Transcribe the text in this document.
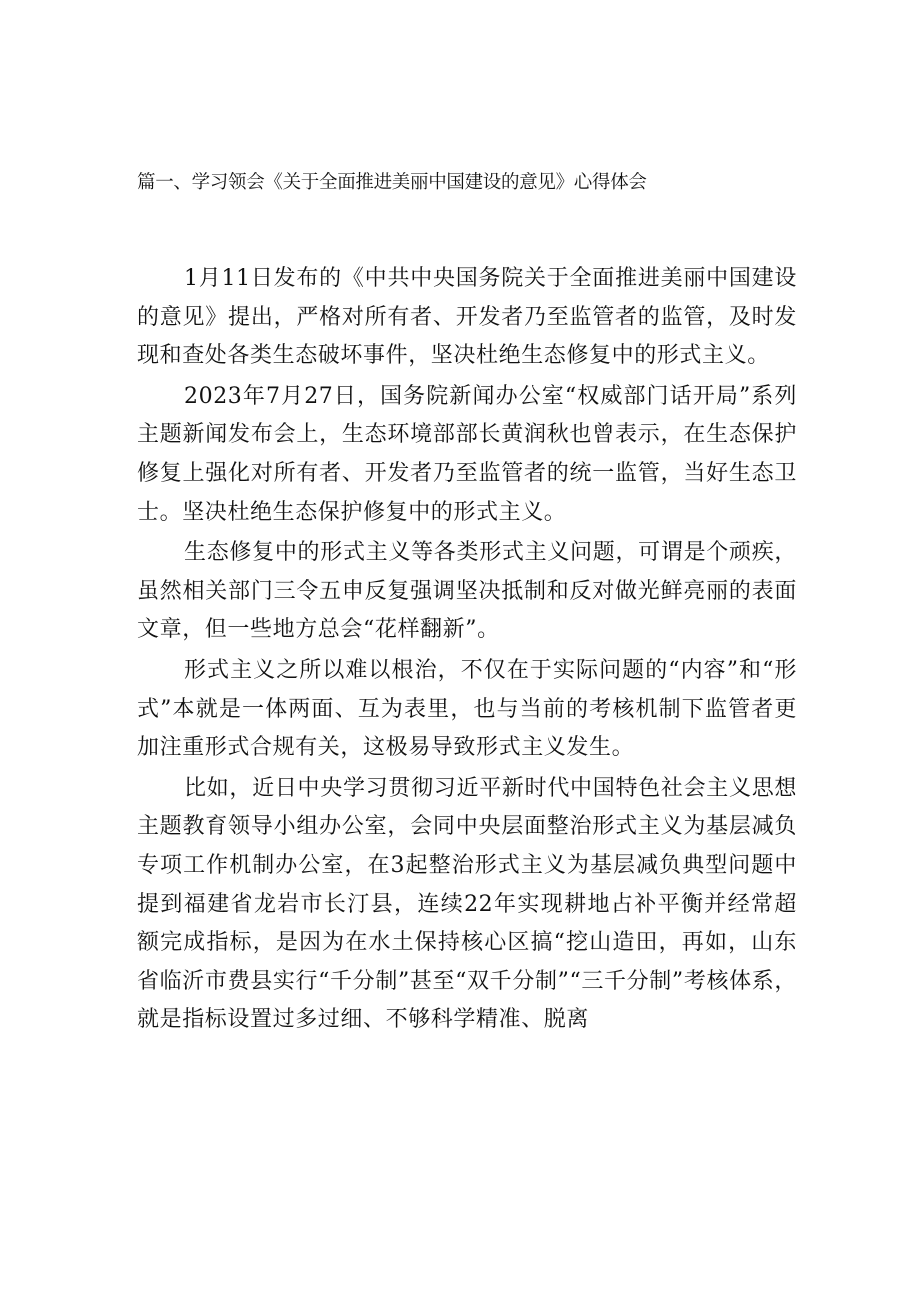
篇一、学习领会《关于全面推进美丽中国建设的意见》心得体会

1月11日发布的《中共中央国务院关于全面推进美丽中国建设的意见》提出，严格对所有者、开发者乃至监管者的监管，及时发现和查处各类生态破坏事件，坚决杜绝生态修复中的形式主义。

2023年7月27日，国务院新闻办公室“权威部门话开局”系列主题新闻发布会上，生态环境部部长黄润秋也曾表示，在生态保护修复上强化对所有者、开发者乃至监管者的统一监管，当好生态卫士。坚决杜绝生态保护修复中的形式主义。

生态修复中的形式主义等各类形式主义问题，可谓是个顽疾，虽然相关部门三令五申反复强调坚决抵制和反对做光鲜亮丽的表面文章，但一些地方总会“花样翻新”。

形式主义之所以难以根治，不仅在于实际问题的“内容”和“形式”本就是一体两面、互为表里，也与当前的考核机制下监管者更加注重形式合规有关，这极易导致形式主义发生。

比如，近日中央学习贯彻习近平新时代中国特色社会主义思想主题教育领导小组办公室，会同中央层面整治形式主义为基层减负专项工作机制办公室，在3起整治形式主义为基层减负典型问题中提到福建省龙岩市长汀县，连续22年实现耕地占补平衡并经常超额完成指标，是因为在水土保持核心区搞“挖山造田，再如，山东省临沂市费县实行“千分制”甚至“双千分制”“三千分制”考核体系，就是指标设置过多过细、不够科学精准、脱离
